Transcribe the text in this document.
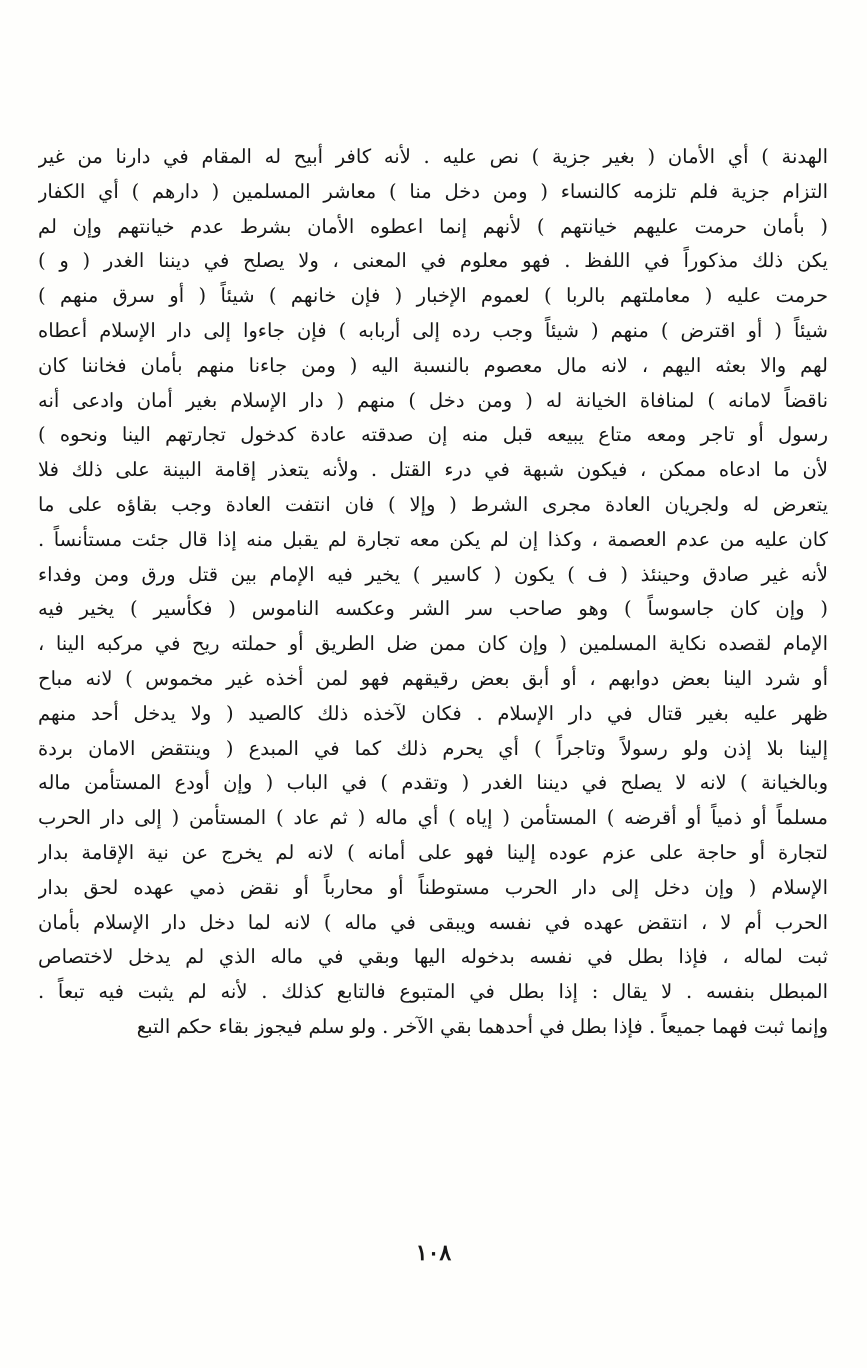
الهدنة ) أي الأمان ( بغير جزية ) نص عليه . لأنه كافر أبيح له المقام في دارنا من غير
التزام جزية فلم تلزمه كالنساء ( ومن دخل منا ) معاشر المسلمين ( دارهم ) أي الكفار
( بأمان حرمت عليهم خيانتهم ) لأنهم إنما اعطوه الأمان بشرط عدم خيانتهم وإن لم
يكن ذلك مذكوراً في اللفظ . فهو معلوم في المعنى ، ولا يصلح في ديننا الغدر ( و )
حرمت عليه ( معاملتهم بالربا ) لعموم الإخبار ( فإن خانهم ) شيئاً ( أو سرق منهم )
شيئاً ( أو اقترض ) منهم ( شيئاً وجب رده إلى أربابه ) فإن جاءوا إلى دار الإسلام أعطاه
لهم والا بعثه اليهم ، لانه مال معصوم بالنسبة اليه ( ومن جاءنا منهم بأمان فخاننا كان
ناقضاً لامانه ) لمنافاة الخيانة له ( ومن دخل ) منهم ( دار الإسلام بغير أمان وادعى أنه
رسول أو تاجر ومعه متاع يبيعه قبل منه إن صدقته عادة كدخول تجارتهم الينا ونحوه )
لأن ما ادعاه ممكن ، فيكون شبهة في درء القتل . ولأنه يتعذر إقامة البينة على ذلك فلا
يتعرض له ولجريان العادة مجرى الشرط ( وإلا ) فان انتفت العادة وجب بقاؤه على ما
كان عليه من عدم العصمة ، وكذا إن لم يكن معه تجارة لم يقبل منه إذا قال جئت مستأنساً .
لأنه غير صادق وحينئذ ( ف ) يكون ( كاسير ) يخير فيه الإمام بين قتل ورق ومن وفداء
( وإن كان جاسوساً ) وهو صاحب سر الشر وعكسه الناموس ( فكأسير ) يخير فيه
الإمام لقصده نكاية المسلمين ( وإن كان ممن ضل الطريق أو حملته ريح في مركبه الينا ،
أو شرد الينا بعض دوابهم ، أو أبق بعض رقيقهم فهو لمن أخذه غير مخموس ) لانه مباح
ظهر عليه بغير قتال في دار الإسلام . فكان لآخذه ذلك كالصيد ( ولا يدخل أحد منهم
إلينا بلا إذن ولو رسولاً وتاجراً ) أي يحرم ذلك كما في المبدع ( وينتقض الامان بردة
وبالخيانة ) لانه لا يصلح في ديننا الغدر ( وتقدم ) في الباب ( وإن أودع المستأمن ماله
مسلماً أو ذمياً أو أقرضه ) المستأمن ( إياه ) أي ماله ( ثم عاد ) المستأمن ( إلى دار الحرب
لتجارة أو حاجة على عزم عوده إلينا فهو على أمانه ) لانه لم يخرج عن نية الإقامة بدار
الإسلام ( وإن دخل إلى دار الحرب مستوطناً أو محارباً أو نقض ذمي عهده لحق بدار
الحرب أم لا ، انتقض عهده في نفسه ويبقى في ماله ) لانه لما دخل دار الإسلام بأمان
ثبت لماله ، فإذا بطل في نفسه بدخوله اليها وبقي في ماله الذي لم يدخل لاختصاص
المبطل بنفسه . لا يقال : إذا بطل في المتبوع فالتابع كذلك . لأنه لم يثبت فيه تبعاً .
وإنما ثبت فهما جميعاً . فإذا بطل في أحدهما بقي الآخر . ولو سلم فيجوز بقاء حكم التبع
١٠٨
